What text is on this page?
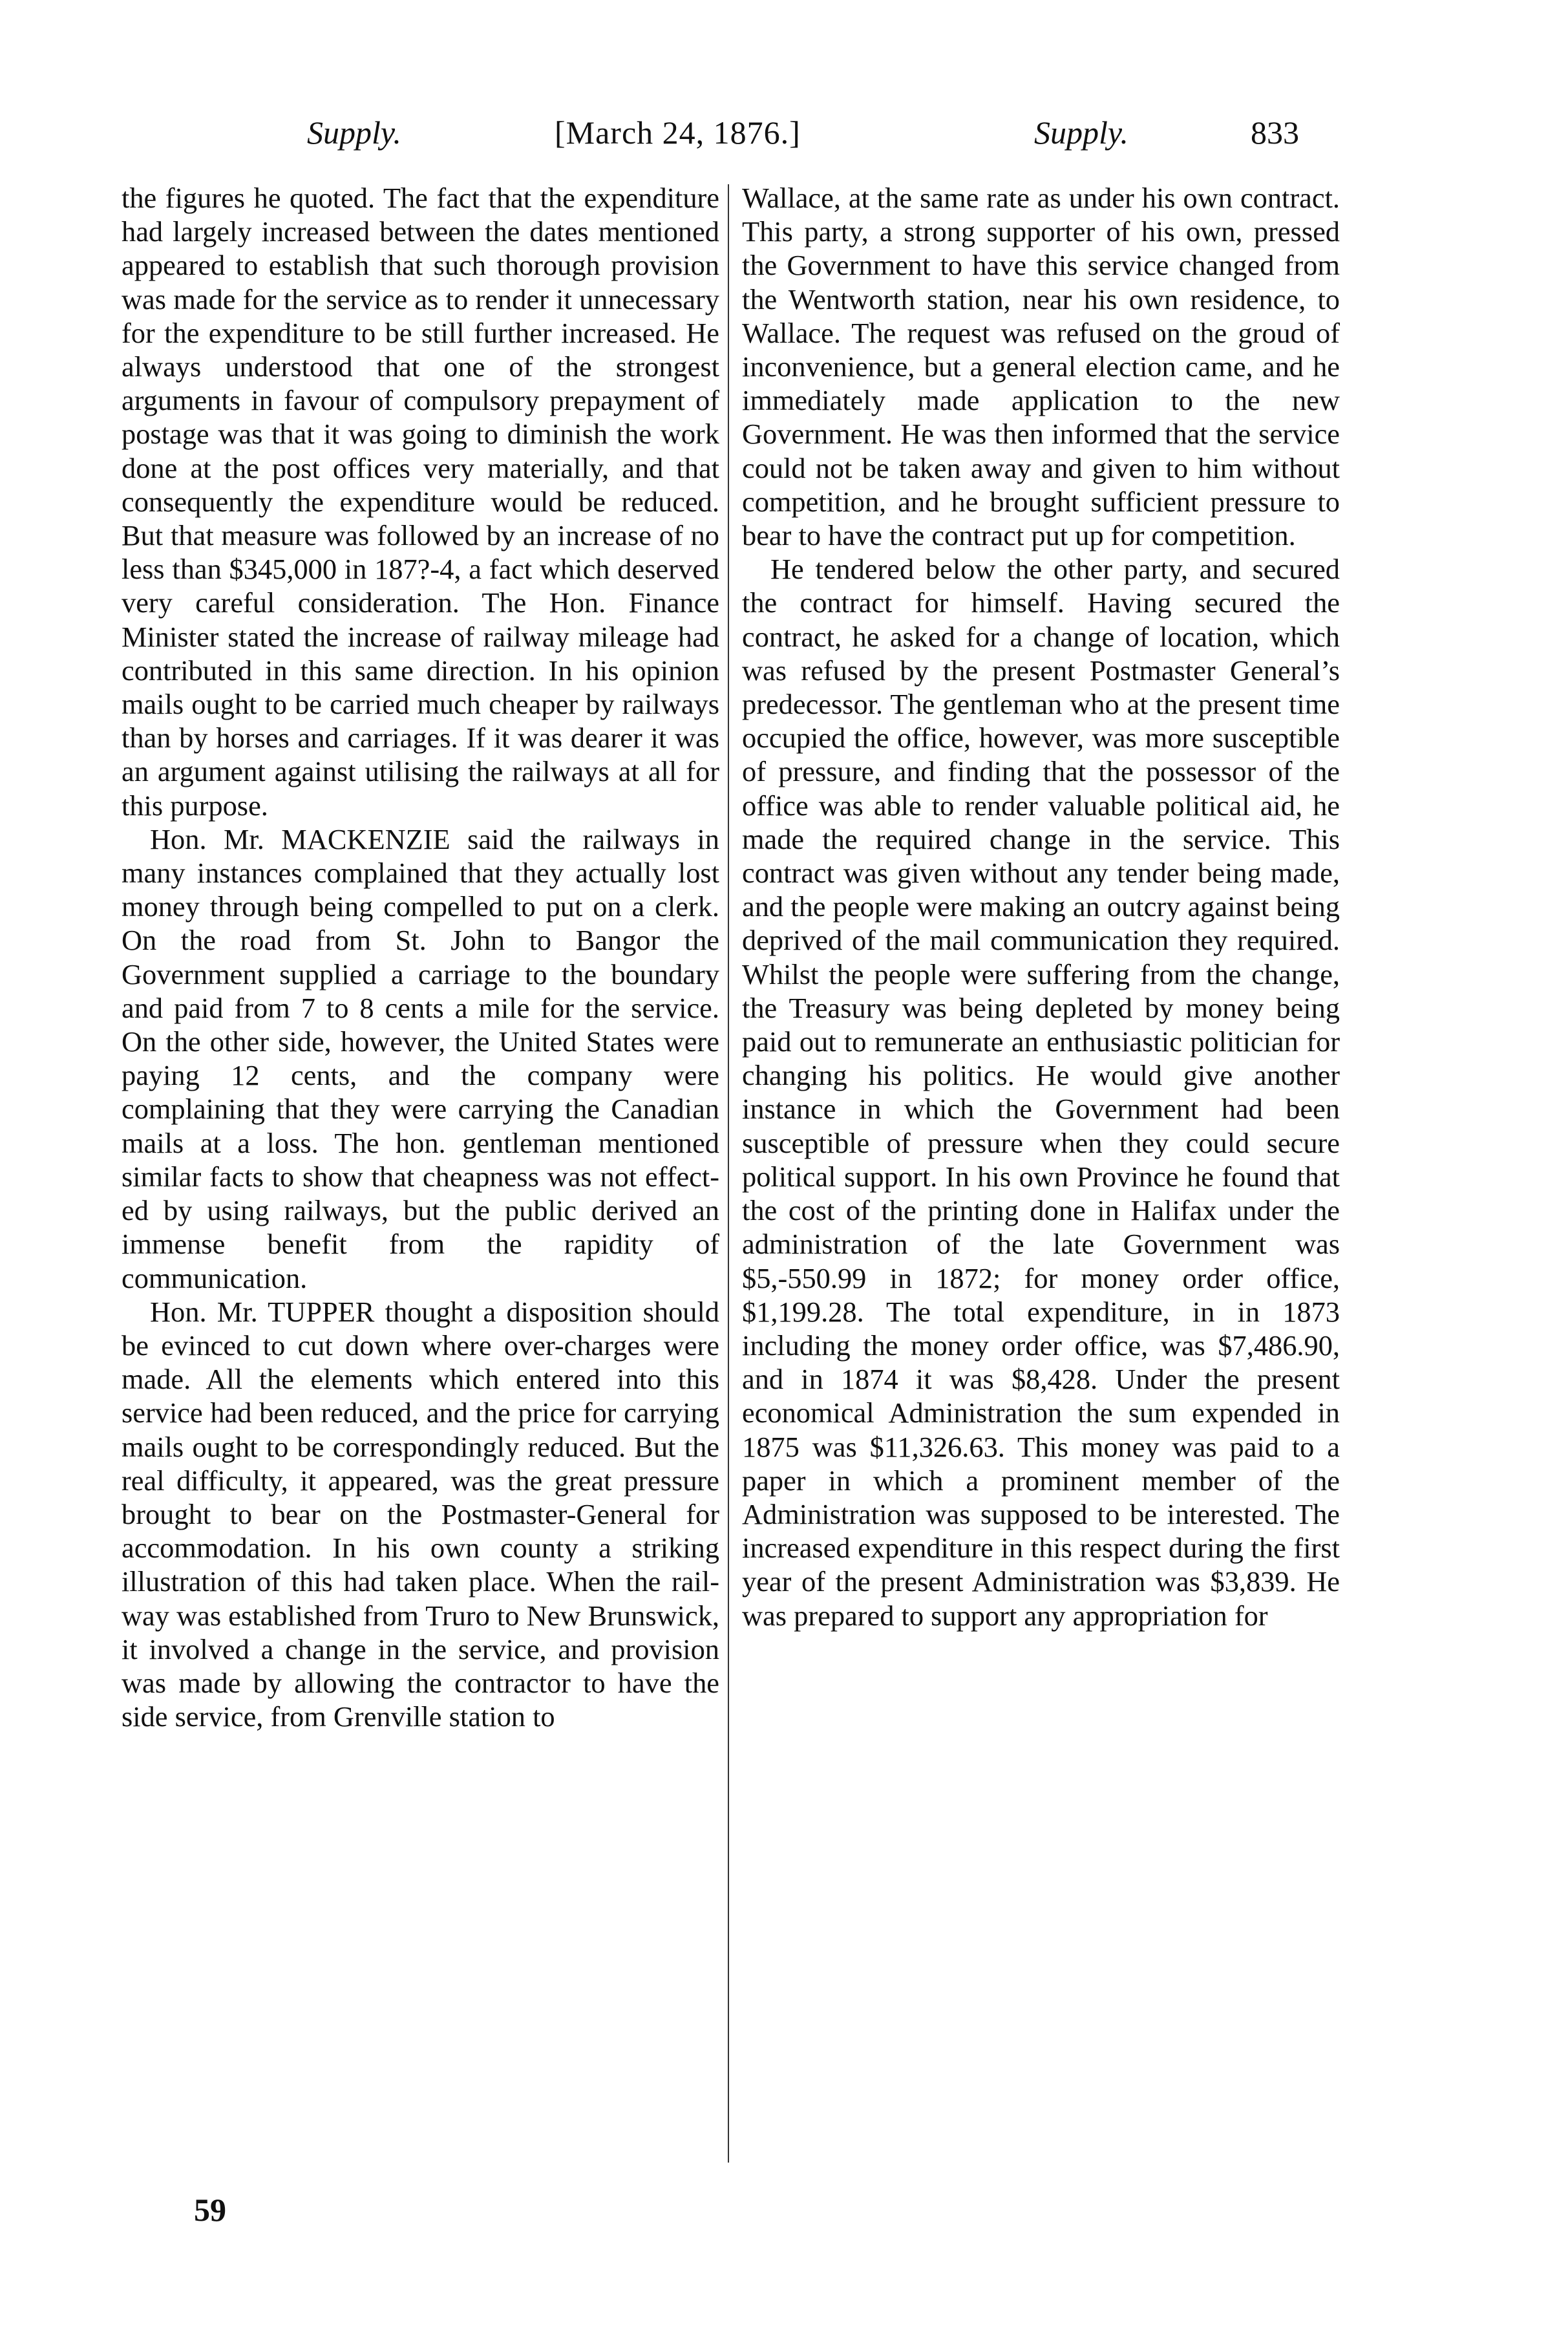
Supply.	[March 24, 1876.]	Supply.	833

the figures he quoted. The fact that the expenditure had largely increased between the dates mentioned appeared to establish that such thorough provision was made for the service as to render it unnecessary for the expenditure to be still further increased. He always understood that one of the strongest arguments in favour of compulsory prepayment of postage was that it was going to diminish the work done at the post offices very materially, and that consequently the expenditure would be reduced. But that measure was followed by an increase of no less than $345,000 in 187?-4, a fact which deserved very careful consideration. The Hon. Finance Minister stated the increase of railway mileage had contributed in this same direction. In his opinion mails ought to be carried much cheaper by railways than by horses and carriages. If it was dearer it was an argument against utilising the railways at all for this purpose.

Hon. Mr. MACKENZIE said the railways in many instances complained that they actually lost money through being compelled to put on a clerk. On the road from St. John to Bangor the Government supplied a carriage to the boundary and paid from 7 to 8 cents a mile for the service. On the other side, however, the United States were paying 12 cents, and the company were complaining that they were carrying the Canadian mails at a loss. The hon. gentleman mentioned similar facts to show that cheapness was not effected by using railways, but the public derived an immense benefit from the rapidity of communication.

Hon. Mr. TUPPER thought a disposition should be evinced to cut down where over-charges were made. All the elements which entered into this service had been reduced, and the price for carrying mails ought to be correspondingly reduced. But the real difficulty, it appeared, was the great pressure brought to bear on the Postmaster-General for accommodation. In his own county a striking illustration of this had taken place. When the railway was established from Truro to New Brunswick, it involved a change in the service, and provision was made by allowing the contractor to have the side service, from Grenville station to

Wallace, at the same rate as under his own contract. This party, a strong supporter of his own, pressed the Government to have this service changed from the Wentworth station, near his own residence, to Wallace. The request was refused on the groud of inconvenience, but a general election came, and he immediately made application to the new Government. He was then informed that the service could not be taken away and given to him without competition, and he brought sufficient pressure to bear to have the contract put up for competition.

He tendered below the other party, and secured the contract for himself. Having secured the contract, he asked for a change of location, which was refused by the present Postmaster General’s predecessor. The gentleman who at the present time occupied the office, however, was more susceptible of pressure, and finding that the possessor of the office was able to render valuable political aid, he made the required change in the service. This contract was given without any tender being made, and the people were making an outcry against being deprived of the mail communication they required. Whilst the people were suffering from the change, the Treasury was being depleted by money being paid out to remunerate an enthusiastic politician for changing his politics. He would give another instance in which the Government had been susceptible of pressure when they could secure political support. In his own Province he found that the cost of the printing done in Halifax under the administration of the late Government was $5,-550.99 in 1872; for money order office, $1,199.28. The total expenditure, in in 1873 including the money order office, was $7,486.90, and in 1874 it was $8,428. Under the present economical Administration the sum expended in 1875 was $11,326.63. This money was paid to a paper in which a prominent member of the Administration was supposed to be interested. The increased expenditure in this respect during the first year of the present Administration was $3,839. He was prepared to support any appropriation for

59
